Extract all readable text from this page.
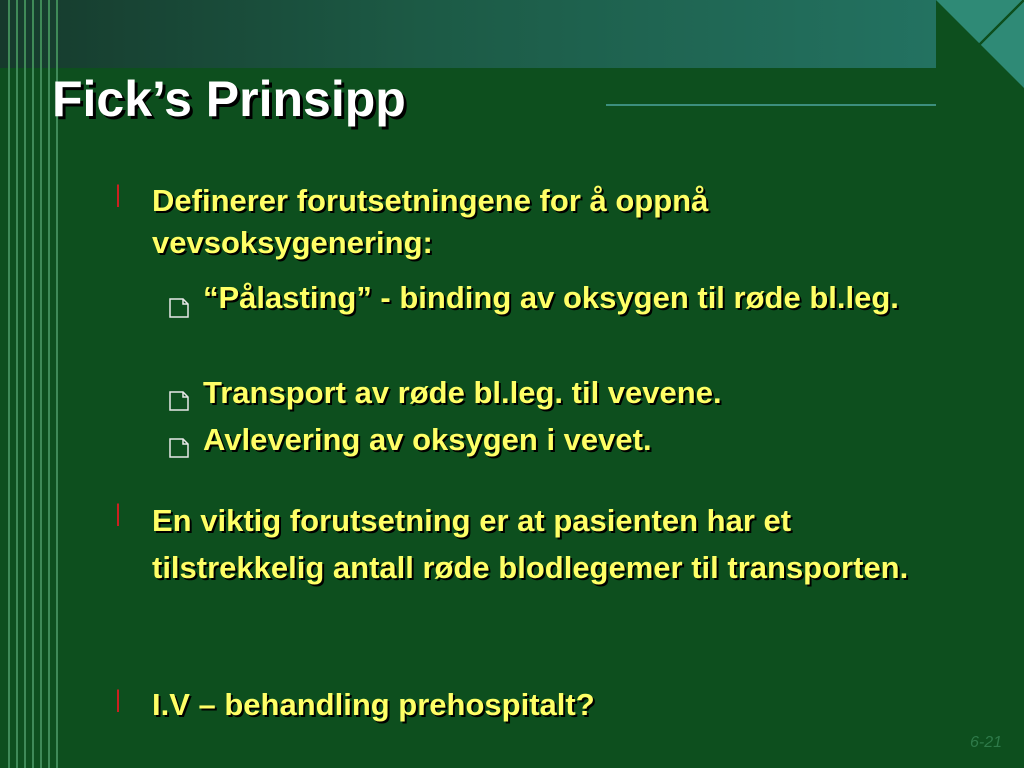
Fick’s Prinsipp
| Definerer forutsetningene for å oppnå vevsoksygenering:

“Pålasting” - binding av oksygen til røde bl.leg.

Transport av røde bl.leg. til vevene.

Avlevering av oksygen i vevet.

| En viktig forutsetning er at pasienten har et tilstrekkelig antall røde blodlegemer til transporten.

| I.V – behandling prehospitalt?

6-21
